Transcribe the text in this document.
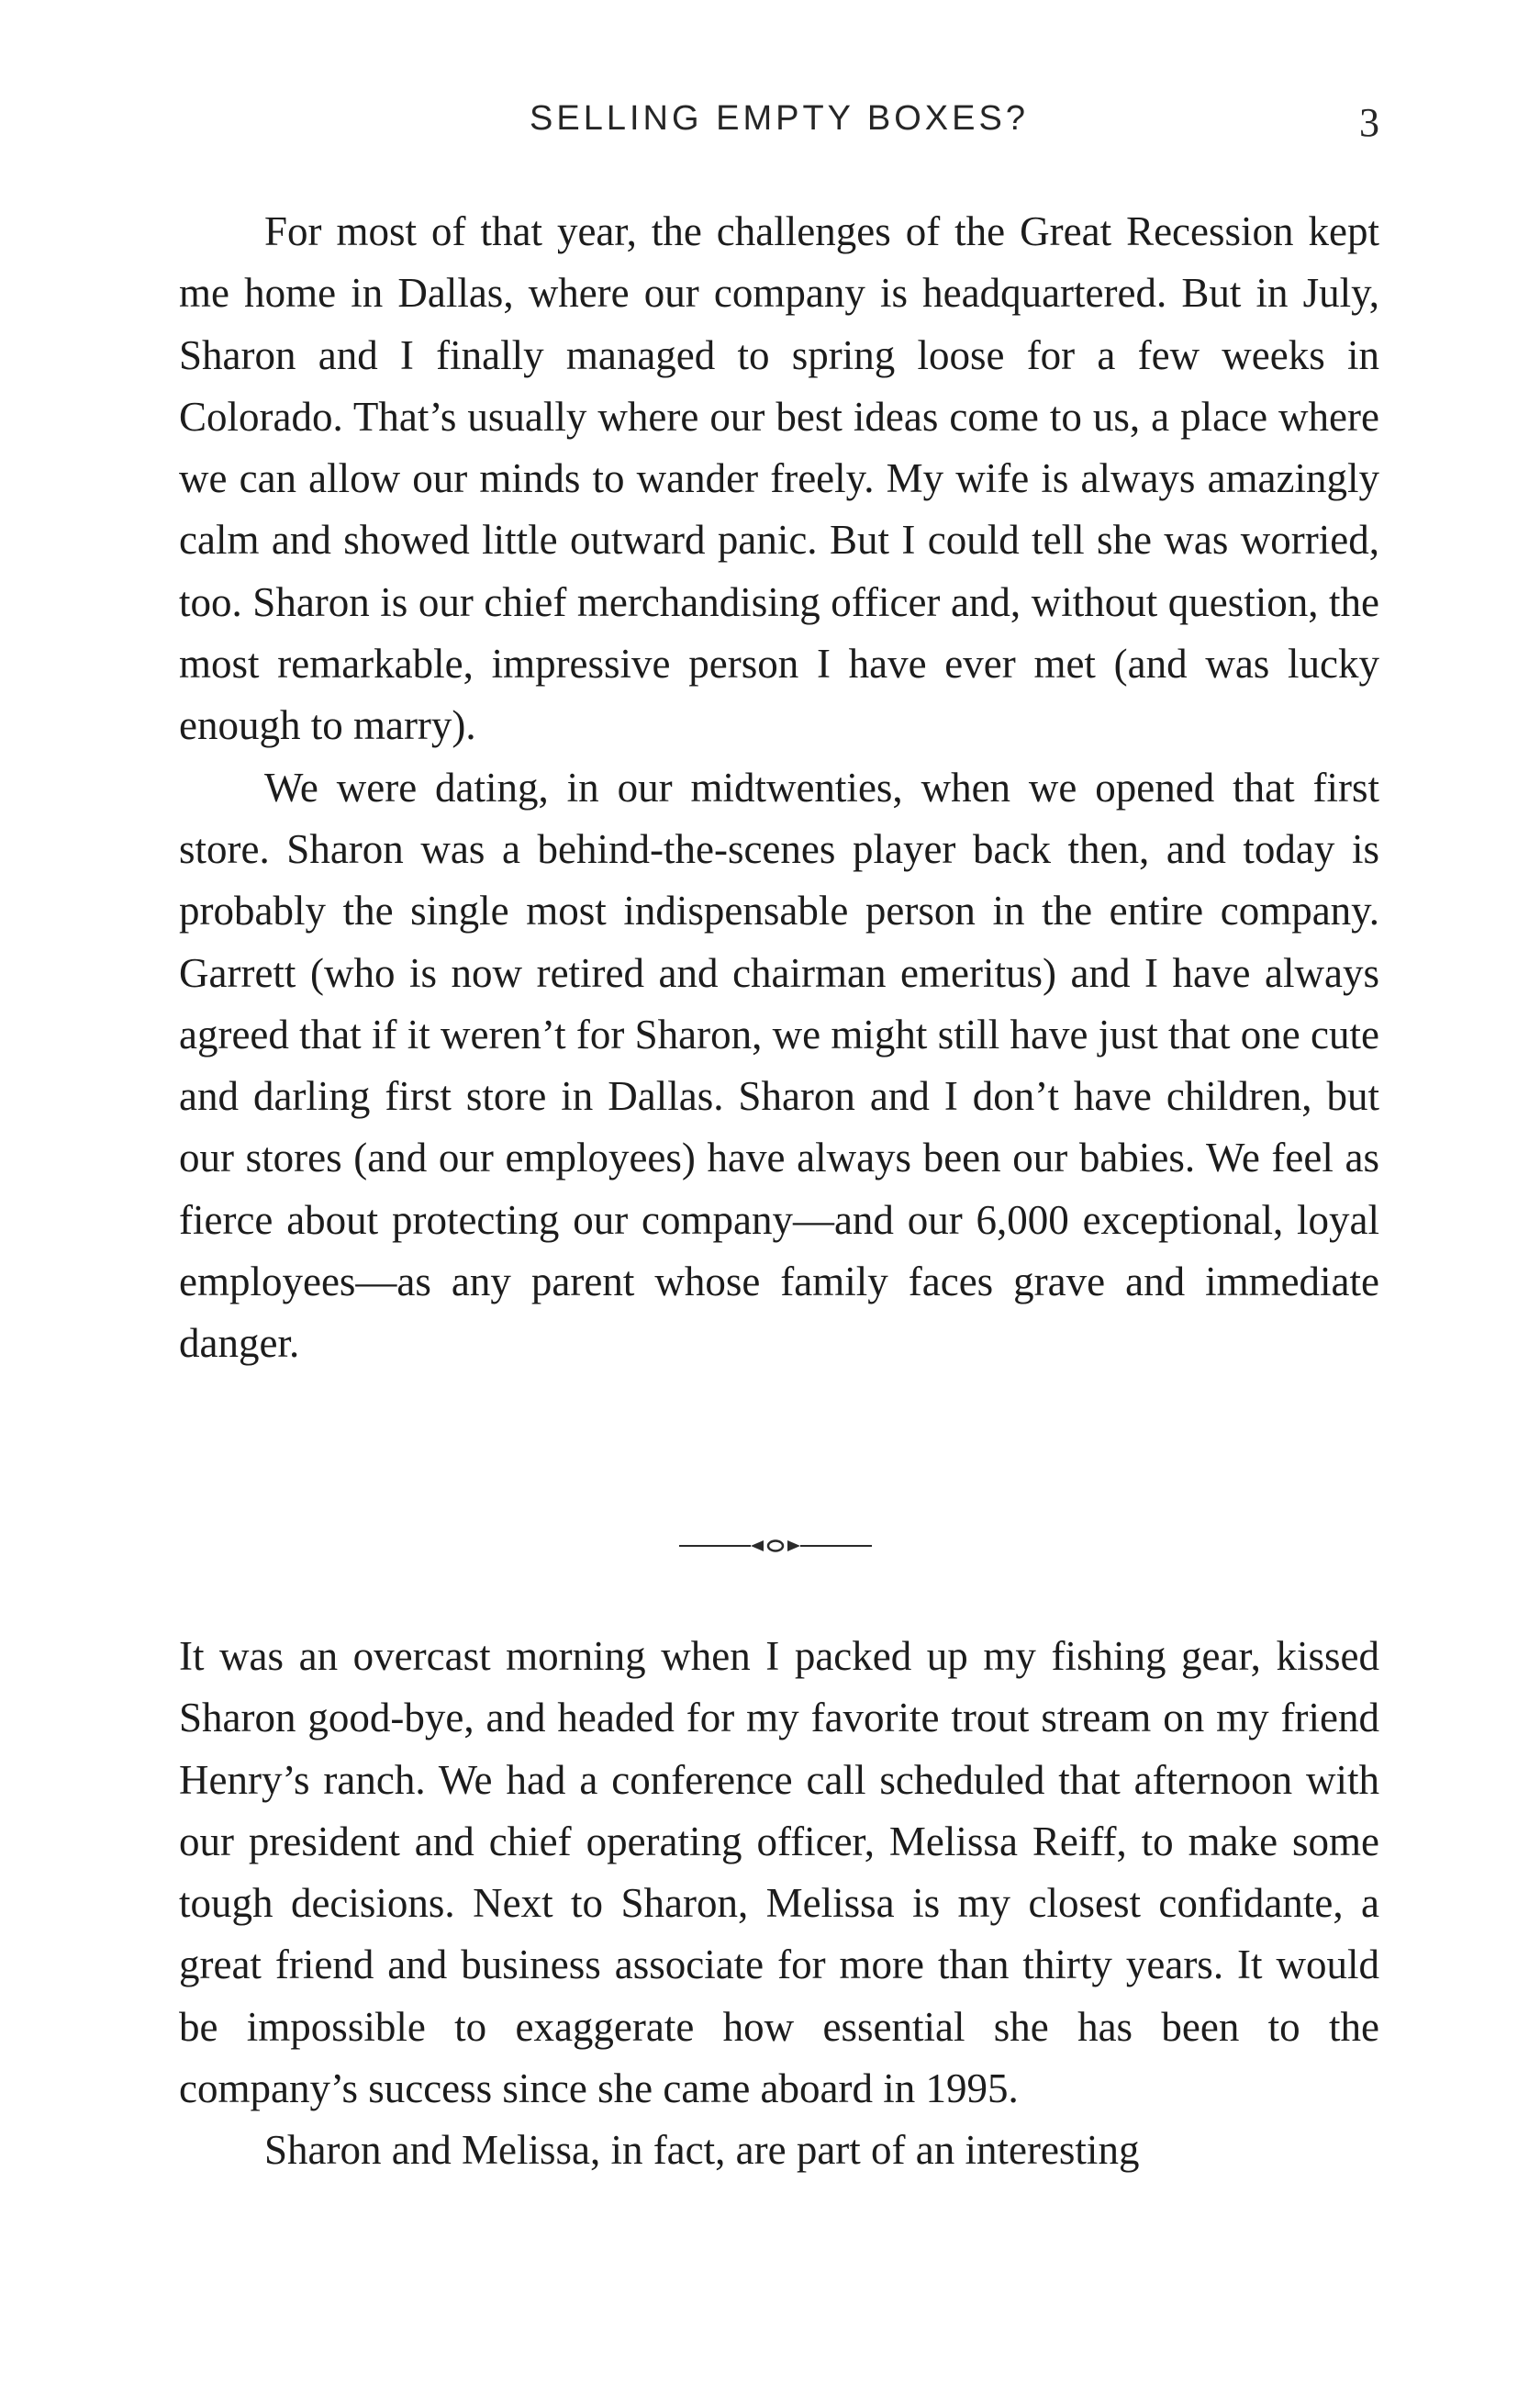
SELLING EMPTY BOXES?	3

For most of that year, the challenges of the Great Recession kept me home in Dallas, where our company is headquartered. But in July, Sharon and I finally managed to spring loose for a few weeks in Colorado. That’s usually where our best ideas come to us, a place where we can allow our minds to wander freely. My wife is always amazingly calm and showed little outward panic. But I could tell she was worried, too. Sharon is our chief merchandising officer and, without question, the most remarkable, impressive person I have ever met (and was lucky enough to marry).

We were dating, in our midtwenties, when we opened that first store. Sharon was a behind-the-scenes player back then, and today is probably the single most indispensable person in the entire company. Garrett (who is now retired and chairman emeritus) and I have always agreed that if it weren’t for Sharon, we might still have just that one cute and darling first store in Dallas. Sharon and I don’t have children, but our stores (and our employees) have always been our babies. We feel as fierce about protecting our company—and our 6,000 exceptional, loyal employees—as any parent whose family faces grave and immediate danger.

It was an overcast morning when I packed up my fishing gear, kissed Sharon good-bye, and headed for my favorite trout stream on my friend Henry’s ranch. We had a conference call scheduled that afternoon with our president and chief operating officer, Melissa Reiff, to make some tough decisions. Next to Sharon, Melissa is my closest confidante, a great friend and business associate for more than thirty years. It would be impossible to exaggerate how essential she has been to the company’s success since she came aboard in 1995.

Sharon and Melissa, in fact, are part of an interesting
